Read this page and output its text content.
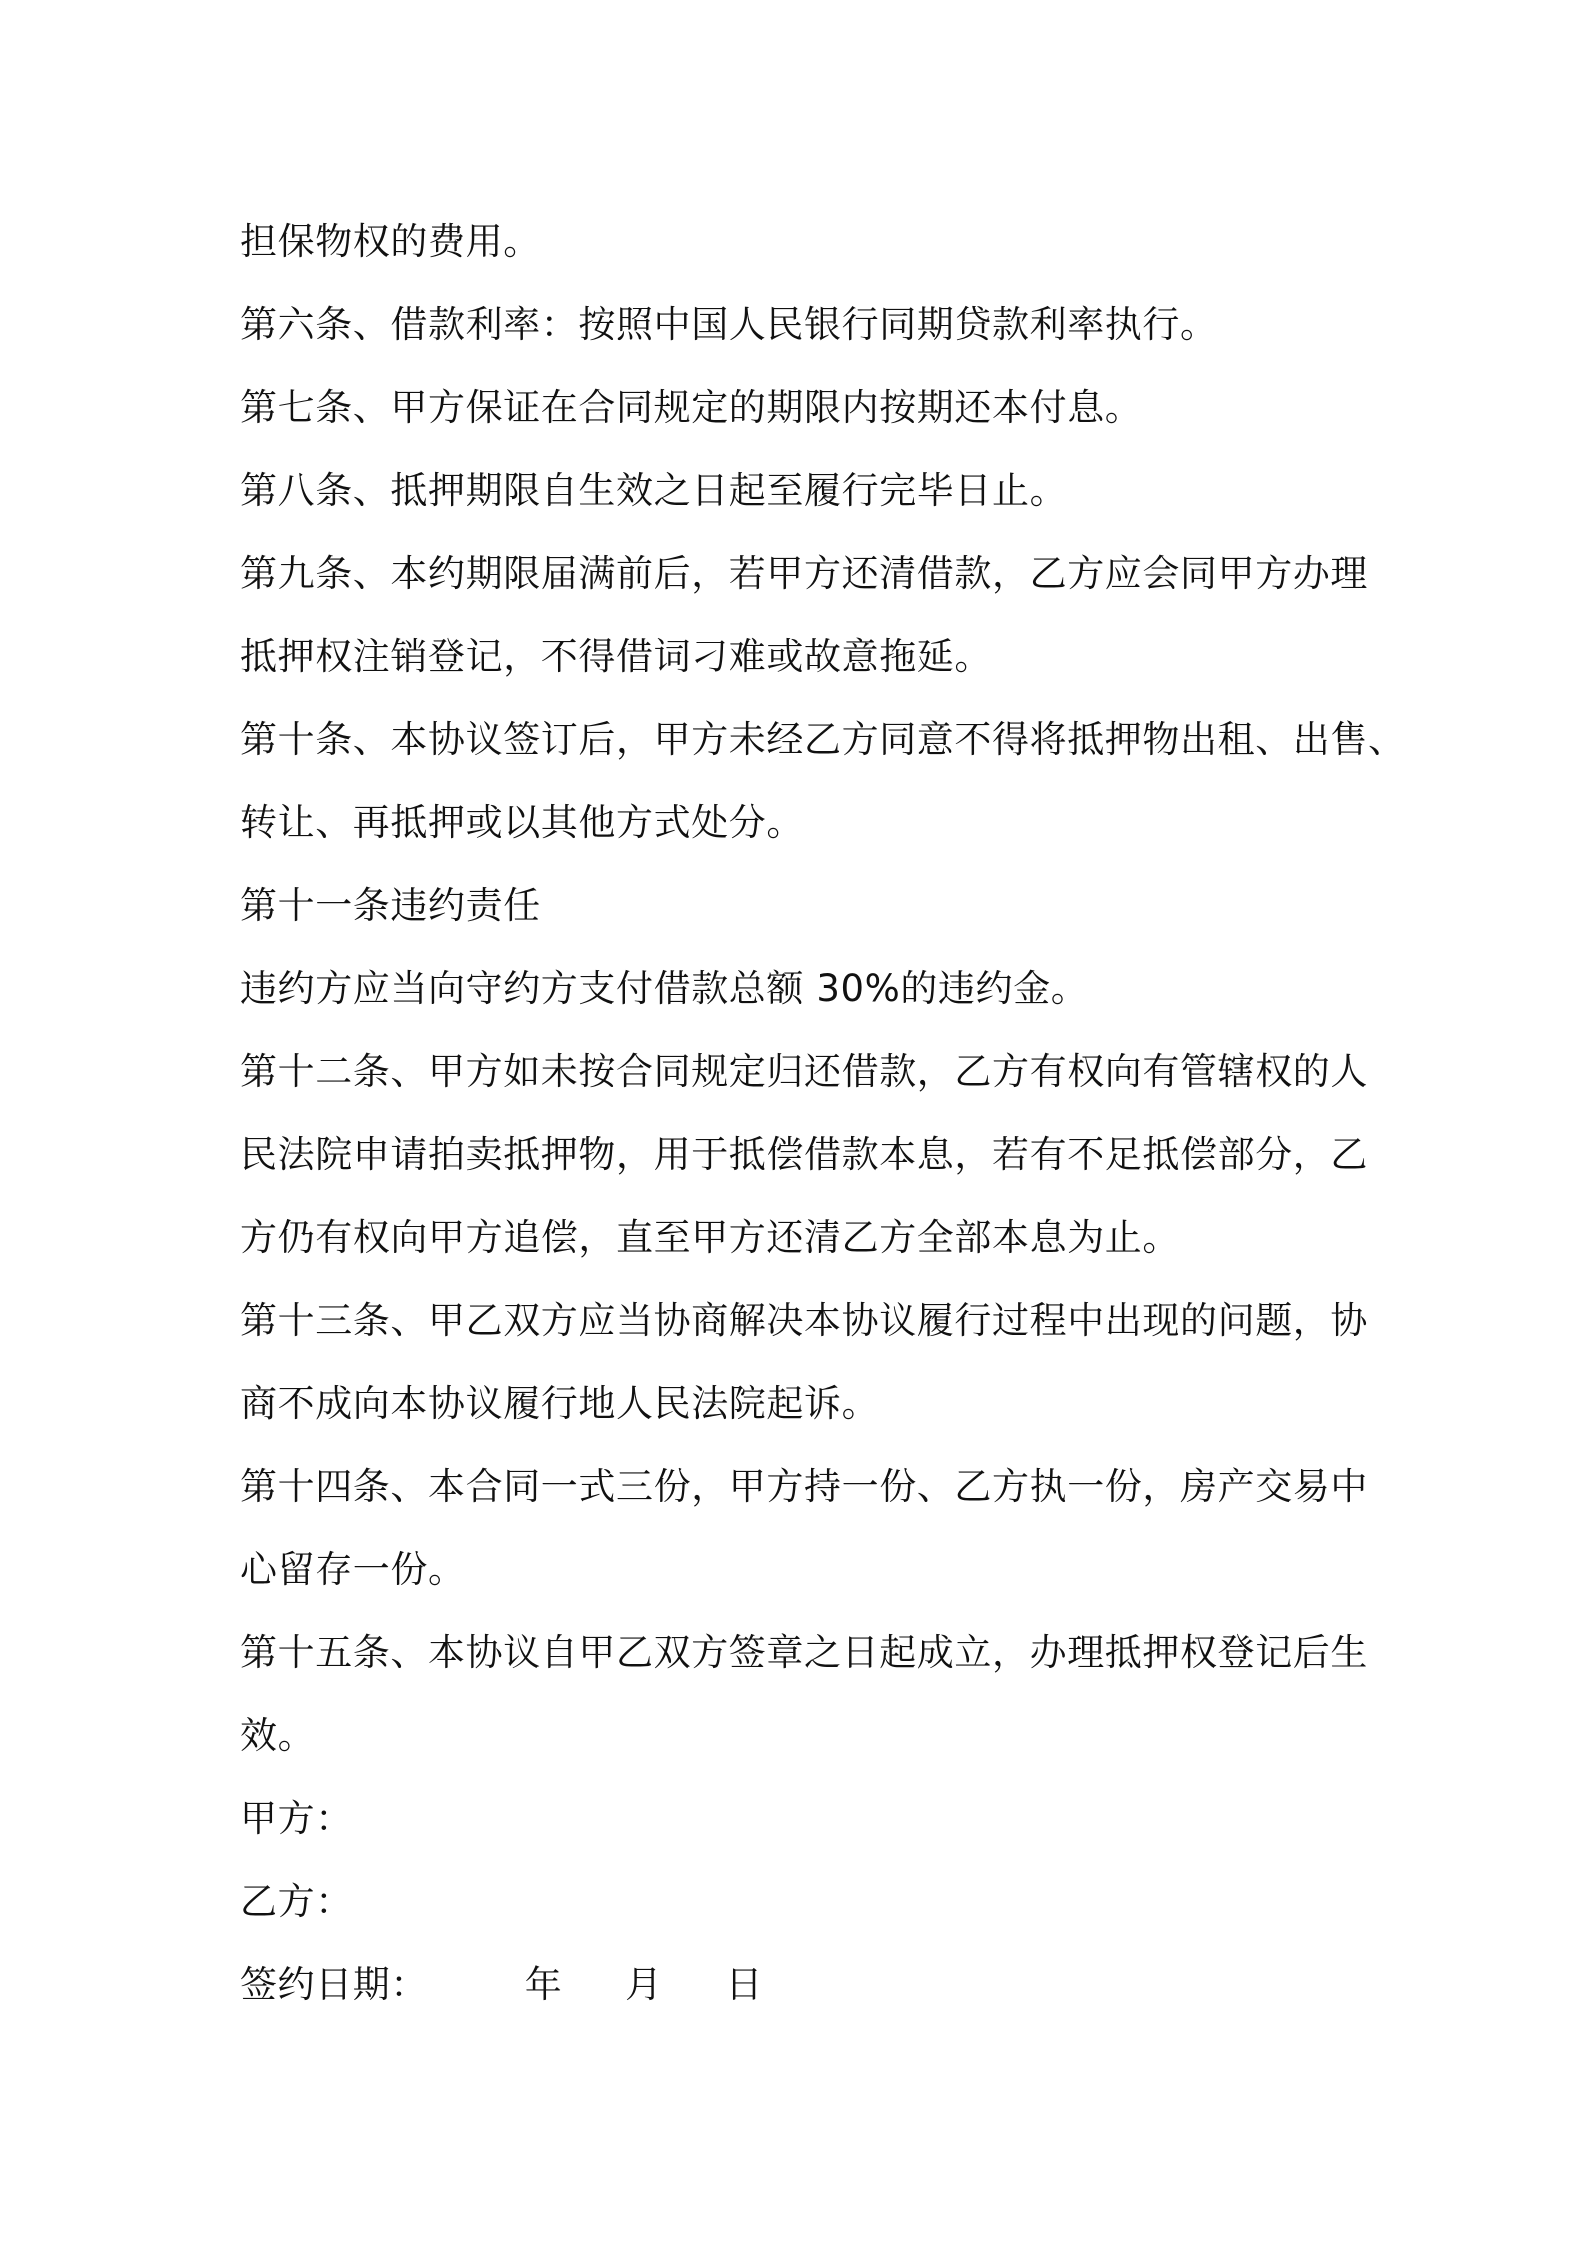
担保物权的费用。
第六条、借款利率：按照中国人民银行同期贷款利率执行。
第七条、甲方保证在合同规定的期限内按期还本付息。
第八条、抵押期限自生效之日起至履行完毕日止。
第九条、本约期限届满前后，若甲方还清借款，乙方应会同甲方办理
抵押权注销登记，不得借词刁难或故意拖延。
第十条、本协议签订后，甲方未经乙方同意不得将抵押物出租、出售、
转让、再抵押或以其他方式处分。
第十一条违约责任
违约方应当向守约方支付借款总额 30%的违约金。
第十二条、甲方如未按合同规定归还借款，乙方有权向有管辖权的人
民法院申请拍卖抵押物，用于抵偿借款本息，若有不足抵偿部分，乙
方仍有权向甲方追偿，直至甲方还清乙方全部本息为止。
第十三条、甲乙双方应当协商解决本协议履行过程中出现的问题，协
商不成向本协议履行地人民法院起诉。
第十四条、本合同一式三份，甲方持一份、乙方执一份，房产交易中
心留存一份。
第十五条、本协议自甲乙双方签章之日起成立，办理抵押权登记后生
效。
甲方：
乙方：
签约日期：	年 月 日
